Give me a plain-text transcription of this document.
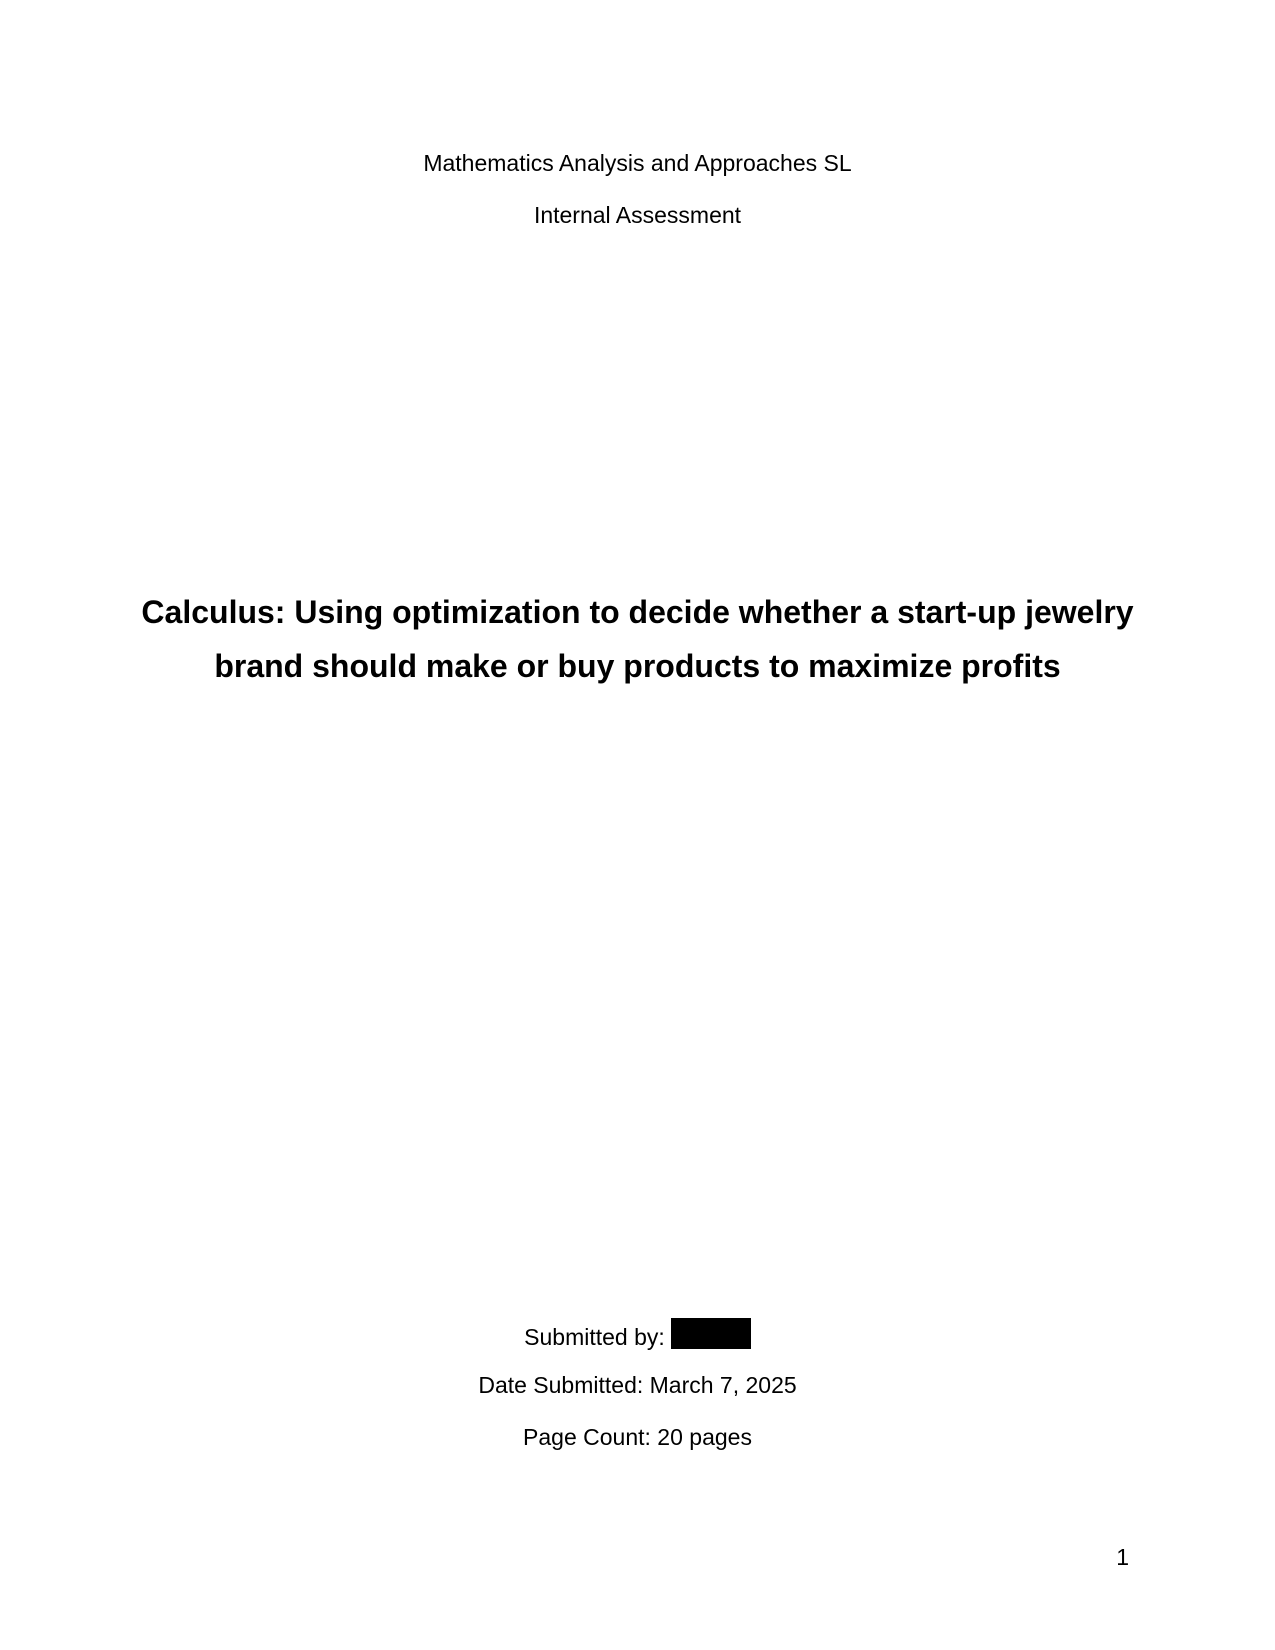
Mathematics Analysis and Approaches SL
Internal Assessment
Calculus: Using optimization to decide whether a start-up jewelry
brand should make or buy products to maximize profits
Submitted by:
Date Submitted: March 7, 2025
Page Count: 20 pages
1
